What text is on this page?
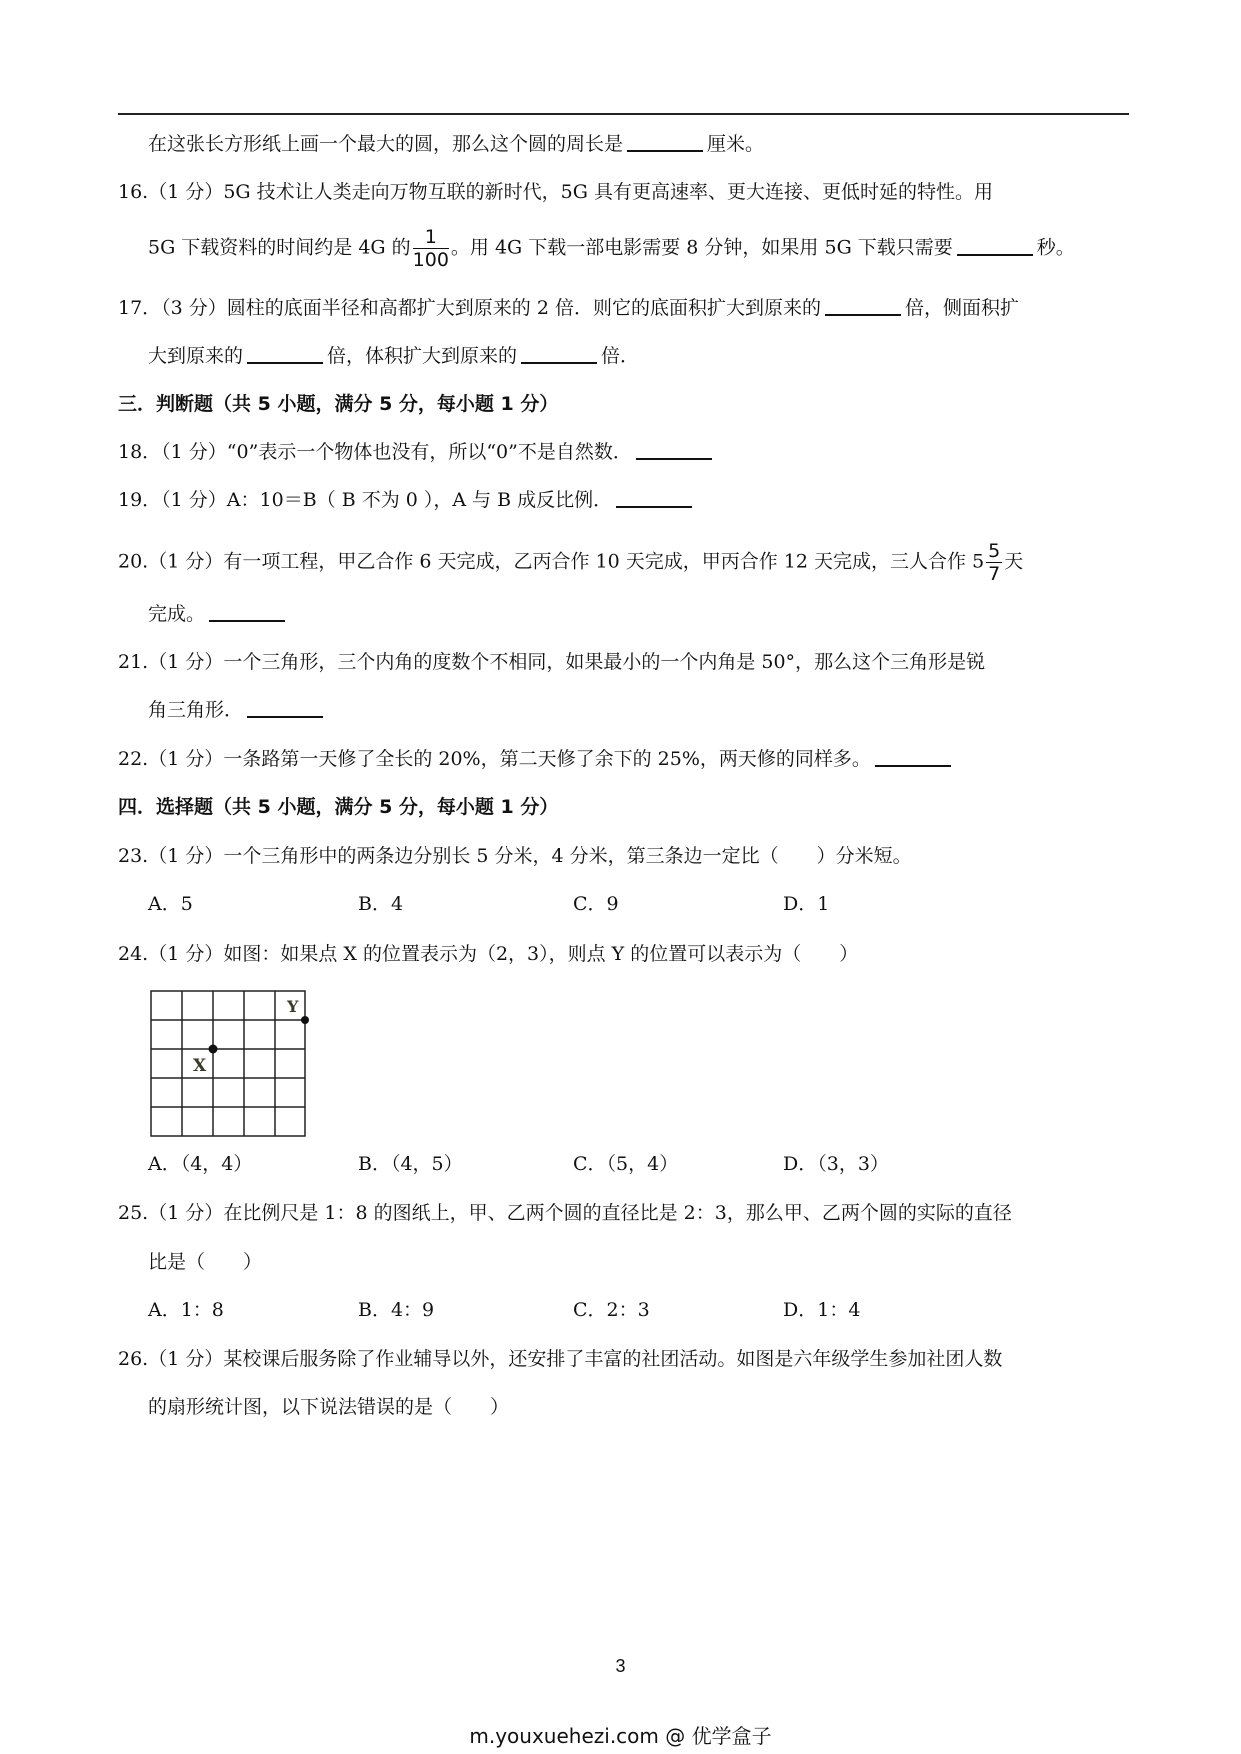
在这张长方形纸上画一个最大的圆，那么这个圆的周长是	厘米。
16.（1 分）5G 技术让人类走向万物互联的新时代，5G 具有更高速率、更大连接、更低时延的特性。用
5G 下载资料的时间约是 4G 的 $\frac{1}{100}$ 。用 4G 下载一部电影需要 8 分钟，如果用 5G 下载只需要	秒。
17．（3 分）圆柱的底面半径和高都扩大到原来的 2 倍．则它的底面积扩大到原来的	倍，侧面积扩
大到原来的	倍，体积扩大到原来的	倍．
三．判断题（共 5 小题，满分 5 分，每小题 1 分）
18．（1 分）“0”表示一个物体也没有，所以“0”不是自然数．
19．（1 分）A：10＝B（ B 不为 0 ），A 与 B 成反比例．
20.（1 分）有一项工程，甲乙合作 6 天完成，乙丙合作 10 天完成，甲丙合作 12 天完成，三人合作 $5 \frac{5}{7}$ 天
完成。
21.（1 分）一个三角形，三个内角的度数个不相同，如果最小的一个内角是 50°，那么这个三角形是锐
角三角形．
22.（1 分）一条路第一天修了全长的 20%，第二天修了余下的 25%，两天修的同样多。
四．选择题（共 5 小题，满分 5 分，每小题 1 分）
23.（1 分）一个三角形中的两条边分别长 5 分米，4 分米，第三条边一定比（　　）分米短。
A．5	B．4	C．9	D．1
24.（1 分）如图：如果点 X 的位置表示为（2，3），则点 Y 的位置可以表示为（　　）
X
Y
A．（4，4）	B．（4，5）	C．（5，4）	D．（3，3）
25.（1 分）在比例尺是 1：8 的图纸上，甲、乙两个圆的直径比是 2：3，那么甲、乙两个圆的实际的直径
比是（　　）
A．1：8	B．4：9	C．2：3	D．1：4
26.（1 分）某校课后服务除了作业辅导以外，还安排了丰富的社团活动。如图是六年级学生参加社团人数
的扇形统计图，以下说法错误的是（　　）
3
m.youxuehezi.com @ 优学盒子
